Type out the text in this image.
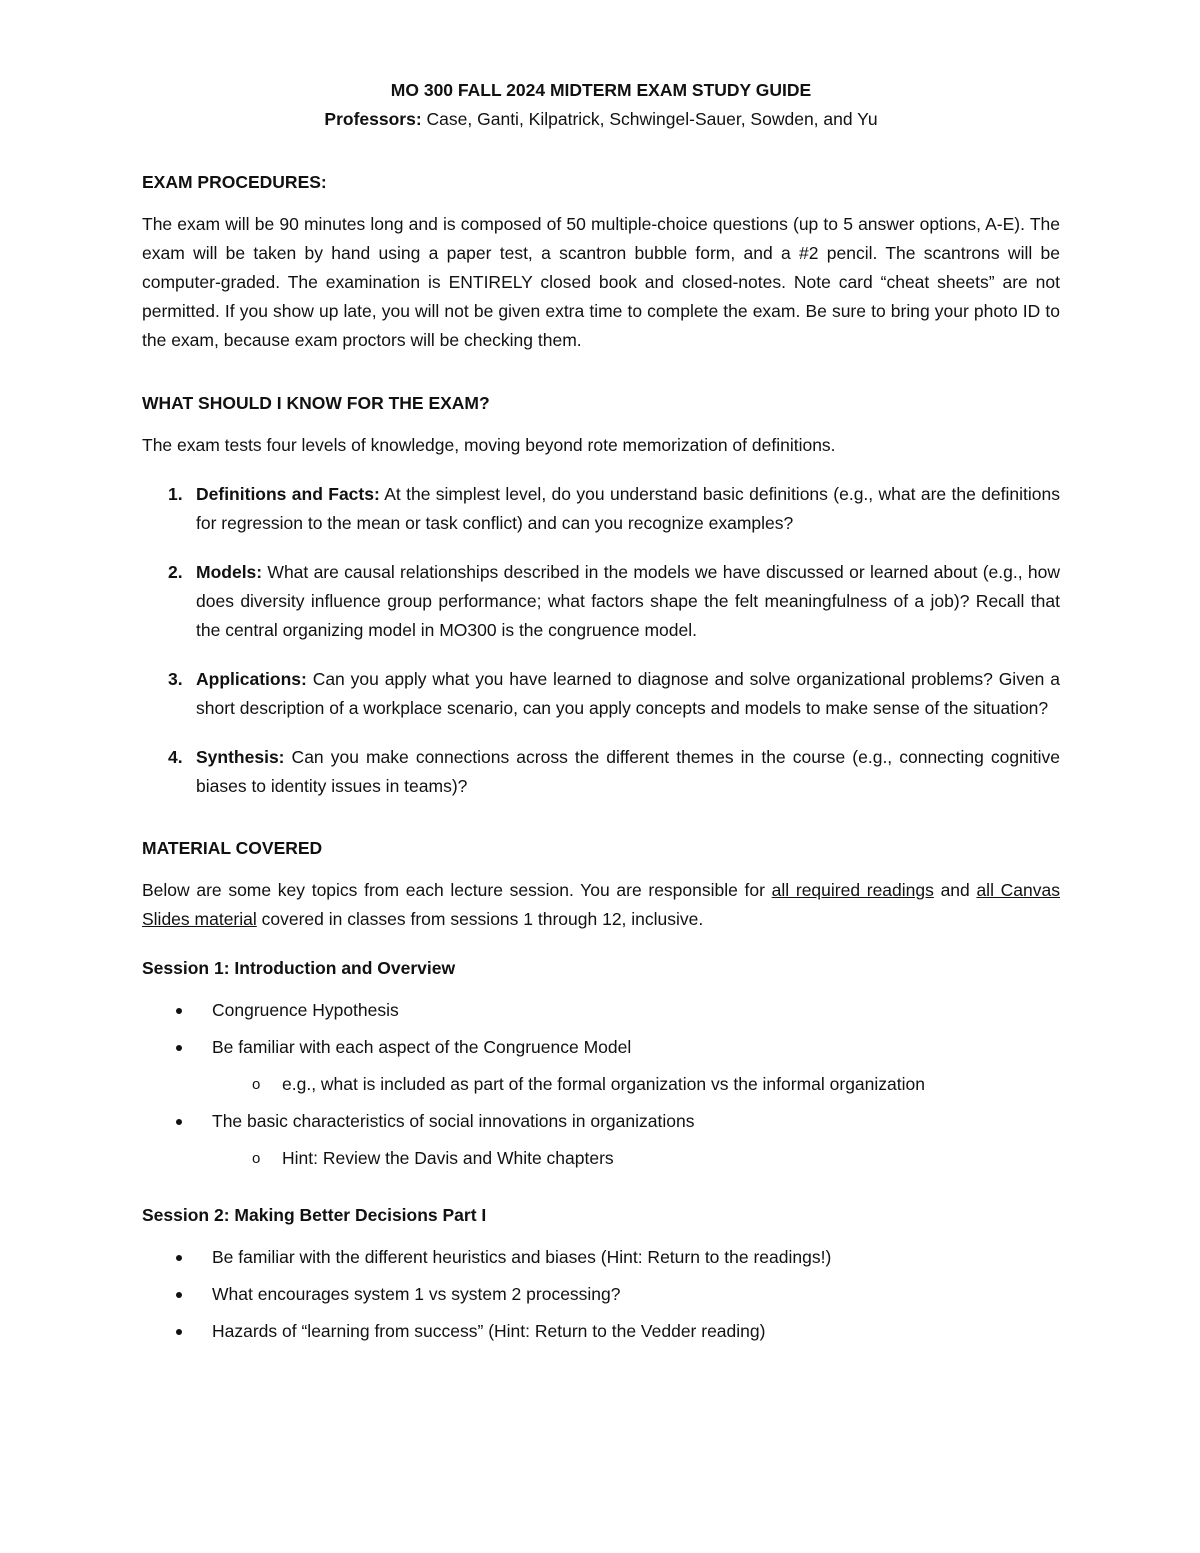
MO 300 FALL 2024 MIDTERM EXAM STUDY GUIDE

Professors: Case, Ganti, Kilpatrick, Schwingel-Sauer, Sowden, and Yu

EXAM PROCEDURES:

The exam will be 90 minutes long and is composed of 50 multiple-choice questions (up to 5 answer options, A-E). The exam will be taken by hand using a paper test, a scantron bubble form, and a #2 pencil. The scantrons will be computer-graded. The examination is ENTIRELY closed book and closed-notes. Note card “cheat sheets” are not permitted. If you show up late, you will not be given extra time to complete the exam. Be sure to bring your photo ID to the exam, because exam proctors will be checking them.

WHAT SHOULD I KNOW FOR THE EXAM?

The exam tests four levels of knowledge, moving beyond rote memorization of definitions.

1. Definitions and Facts: At the simplest level, do you understand basic definitions (e.g., what are the definitions for regression to the mean or task conflict) and can you recognize examples?
2. Models: What are causal relationships described in the models we have discussed or learned about (e.g., how does diversity influence group performance; what factors shape the felt meaningfulness of a job)? Recall that the central organizing model in MO300 is the congruence model.
3. Applications: Can you apply what you have learned to diagnose and solve organizational problems? Given a short description of a workplace scenario, can you apply concepts and models to make sense of the situation?
4. Synthesis: Can you make connections across the different themes in the course (e.g., connecting cognitive biases to identity issues in teams)?

MATERIAL COVERED

Below are some key topics from each lecture session. You are responsible for all required readings and all Canvas Slides material covered in classes from sessions 1 through 12, inclusive.

Session 1: Introduction and Overview

Congruence Hypothesis
Be familiar with each aspect of the Congruence Model
o e.g., what is included as part of the formal organization vs the informal organization
The basic characteristics of social innovations in organizations
o Hint: Review the Davis and White chapters

Session 2: Making Better Decisions Part I

Be familiar with the different heuristics and biases (Hint: Return to the readings!)
What encourages system 1 vs system 2 processing?
Hazards of “learning from success” (Hint: Return to the Vedder reading)
